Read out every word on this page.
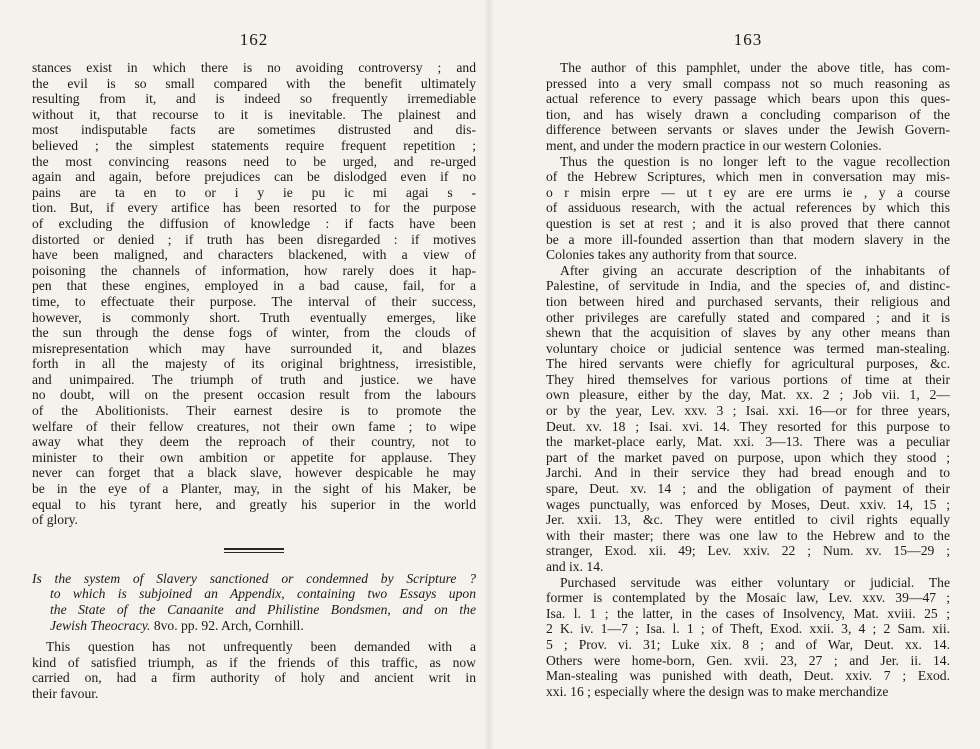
162
stances exist in which there is no avoiding controversy ; and
the evil is so small compared with the benefit ultimately
resulting from it, and is indeed so frequently irremediable
without it, that recourse to it is inevitable. The plainest and
most indisputable facts are sometimes distrusted and dis-
believed ; the simplest statements require frequent repetition ;
the most convincing reasons need to be urged, and re-urged
again and again, before prejudices can be dislodged even if no
pains are ta en to or i y ie pu ic mi agai s -
tion. But, if every artifice has been resorted to for the purpose
of excluding the diffusion of knowledge : if facts have been
distorted or denied ; if truth has been disregarded : if motives
have been maligned, and characters blackened, with a view of
poisoning the channels of information, how rarely does it hap-
pen that these engines, employed in a bad cause, fail, for a
time, to effectuate their purpose. The interval of their success,
however, is commonly short. Truth eventually emerges, like
the sun through the dense fogs of winter, from the clouds of
misrepresentation which may have surrounded it, and blazes
forth in all the majesty of its original brightness, irresistible,
and unimpaired. The triumph of truth and justice. we have
no doubt, will on the present occasion result from the labours
of the Abolitionists. Their earnest desire is to promote the
welfare of their fellow creatures, not their own fame ; to wipe
away what they deem the reproach of their country, not to
minister to their own ambition or appetite for applause. They
never can forget that a black slave, however despicable he may
be in the eye of a Planter, may, in the sight of his Maker, be
equal to his tyrant here, and greatly his superior in the world
of glory.
Is the system of Slavery sanctioned or condemned by Scripture ?
to which is subjoined an Appendix, containing two Essays upon
the State of the Canaanite and Philistine Bondsmen, and on the
Jewish Theocracy. 8vo. pp. 92. Arch, Cornhill.
This question has not unfrequently been demanded with a
kind of satisfied triumph, as if the friends of this traffic, as now
carried on, had a firm authority of holy and ancient writ in
their favour.
163
The author of this pamphlet, under the above title, has com-
pressed into a very small compass not so much reasoning as
actual reference to every passage which bears upon this ques-
tion, and has wisely drawn a concluding comparison of the
difference between servants or slaves under the Jewish Govern-
ment, and under the modern practice in our western Colonies.
Thus the question is no longer left to the vague recollection
of the Hebrew Scriptures, which men in conversation may mis-
o r misin erpre — ut t ey are ere urms ie , y a course
of assiduous research, with the actual references by which this
question is set at rest ; and it is also proved that there cannot
be a more ill-founded assertion than that modern slavery in the
Colonies takes any authority from that source.
After giving an accurate description of the inhabitants of
Palestine, of servitude in India, and the species of, and distinc-
tion between hired and purchased servants, their religious and
other privileges are carefully stated and compared ; and it is
shewn that the acquisition of slaves by any other means than
voluntary choice or judicial sentence was termed man-stealing.
The hired servants were chiefly for agricultural purposes, &c.
They hired themselves for various portions of time at their
own pleasure, either by the day, Mat. xx. 2 ; Job vii. 1, 2—
or by the year, Lev. xxv. 3 ; Isai. xxi. 16—or for three years,
Deut. xv. 18 ; Isai. xvi. 14. They resorted for this purpose to
the market-place early, Mat. xxi. 3—13. There was a peculiar
part of the market paved on purpose, upon which they stood ;
Jarchi. And in their service they had bread enough and to
spare, Deut. xv. 14 ; and the obligation of payment of their
wages punctually, was enforced by Moses, Deut. xxiv. 14, 15 ;
Jer. xxii. 13, &c. They were entitled to civil rights equally
with their master; there was one law to the Hebrew and to the
stranger, Exod. xii. 49; Lev. xxiv. 22 ; Num. xv. 15—29 ;
and ix. 14.
Purchased servitude was either voluntary or judicial. The
former is contemplated by the Mosaic law, Lev. xxv. 39—47 ;
Isa. l. 1 ; the latter, in the cases of Insolvency, Mat. xviii. 25 ;
2 K. iv. 1—7 ; Isa. l. 1 ; of Theft, Exod. xxii. 3, 4 ; 2 Sam. xii.
5 ; Prov. vi. 31; Luke xix. 8 ; and of War, Deut. xx. 14.
Others were home-born, Gen. xvii. 23, 27 ; and Jer. ii. 14.
Man-stealing was punished with death, Deut. xxiv. 7 ; Exod.
xxi. 16 ; especially where the design was to make merchandize
